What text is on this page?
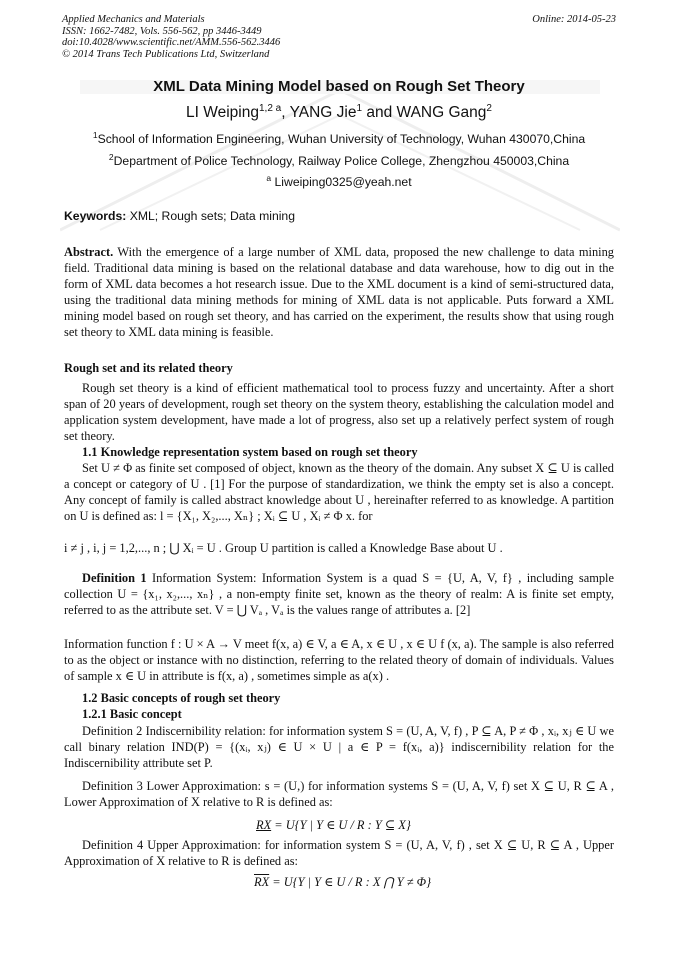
Applied Mechanics and Materials
ISSN: 1662-7482, Vols. 556-562, pp 3446-3449
doi:10.4028/www.scientific.net/AMM.556-562.3446
© 2014 Trans Tech Publications Ltd, Switzerland
Online: 2014-05-23
XML Data Mining Model based on Rough Set Theory
LI Weiping$^{1,2 a}$, YANG Jie$^1$ and WANG Gang$^2$
$^1$School of Information Engineering, Wuhan University of Technology, Wuhan 430070,China
$^2$Department of Police Technology, Railway Police College, Zhengzhou 450003,China
$^a$ Liweiping0325@yeah.net
Keywords: XML; Rough sets; Data mining
Abstract. With the emergence of a large number of XML data, proposed the new challenge to data mining field. Traditional data mining is based on the relational database and data warehouse, how to dig out in the form of XML data becomes a hot research issue. Due to the XML document is a kind of semi-structured data, using the traditional data mining methods for mining of XML data is not applicable. Puts forward a XML mining model based on rough set theory, and has carried on the experiment, the results show that using rough set theory to XML data mining is feasible.
Rough set and its related theory
Rough set theory is a kind of efficient mathematical tool to process fuzzy and uncertainty. After a short span of 20 years of development, rough set theory on the system theory, establishing the calculation model and application system development, have made a lot of progress, also set up a relatively perfect system of rough set theory.
1.1 Knowledge representation system based on rough set theory
Set U ≠ Φ as finite set composed of object, known as the theory of the domain. Any subset X ⊆ U is called a concept or category of U . [1] For the purpose of standardization, we think the empty set is also a concept. Any concept of family is called abstract knowledge about U , hereinafter referred to as knowledge. A partition on U is defined as: l = {X₁, X₂,..., Xₙ} ; Xᵢ ⊆ U , Xᵢ ≠ Φ x. for
i ≠ j , i, j = 1,2,..., n ; ⋃ Xᵢ = U . Group U partition is called a Knowledge Base about U .
Definition 1 Information System: Information System is a quad S = {U, A, V, f} , including sample collection U = {x₁, x₂,..., xₙ} , a non-empty finite set, known as the theory of realm: A is finite set empty, referred to as the attribute set. V = ⋃ Vₐ , Vₐ is the values range of attributes a. [2]
Information function f : U × A → V meet f(x, a) ∈ V, a ∈ A, x ∈ U , x ∈ U f (x, a). The sample is also referred to as the object or instance with no distinction, referring to the related theory of domain of individuals. Values of sample x ∈ U in attribute is f(x, a) , sometimes simple as a(x) .
1.2 Basic concepts of rough set theory
1.2.1 Basic concept
Definition 2 Indiscernibility relation: for information system S = (U, A, V, f) , P ⊆ A, P ≠ Φ , xᵢ, xⱼ ∈ U we call binary relation IND(P) = {(xᵢ, xⱼ) ∈ U × U | a ∈ P = f(xᵢ, a)} indiscernibility relation for the Indiscernibility attribute set P.
Definition 3 Lower Approximation: s = (U,) for information systems S = (U, A, V, f) set X ⊆ U, R ⊆ A , Lower Approximation of X relative to R is defined as:
RX = U{Y | Y ∈ U / R : Y ⊆ X}
Definition 4 Upper Approximation: for information system S = (U, A, V, f) , set X ⊆ U, R ⊆ A , Upper Approximation of X relative to R is defined as:
$\overline{RX} = U\{Y$ | Y ∈ U / R : X ⋂ Y ≠ Φ}
